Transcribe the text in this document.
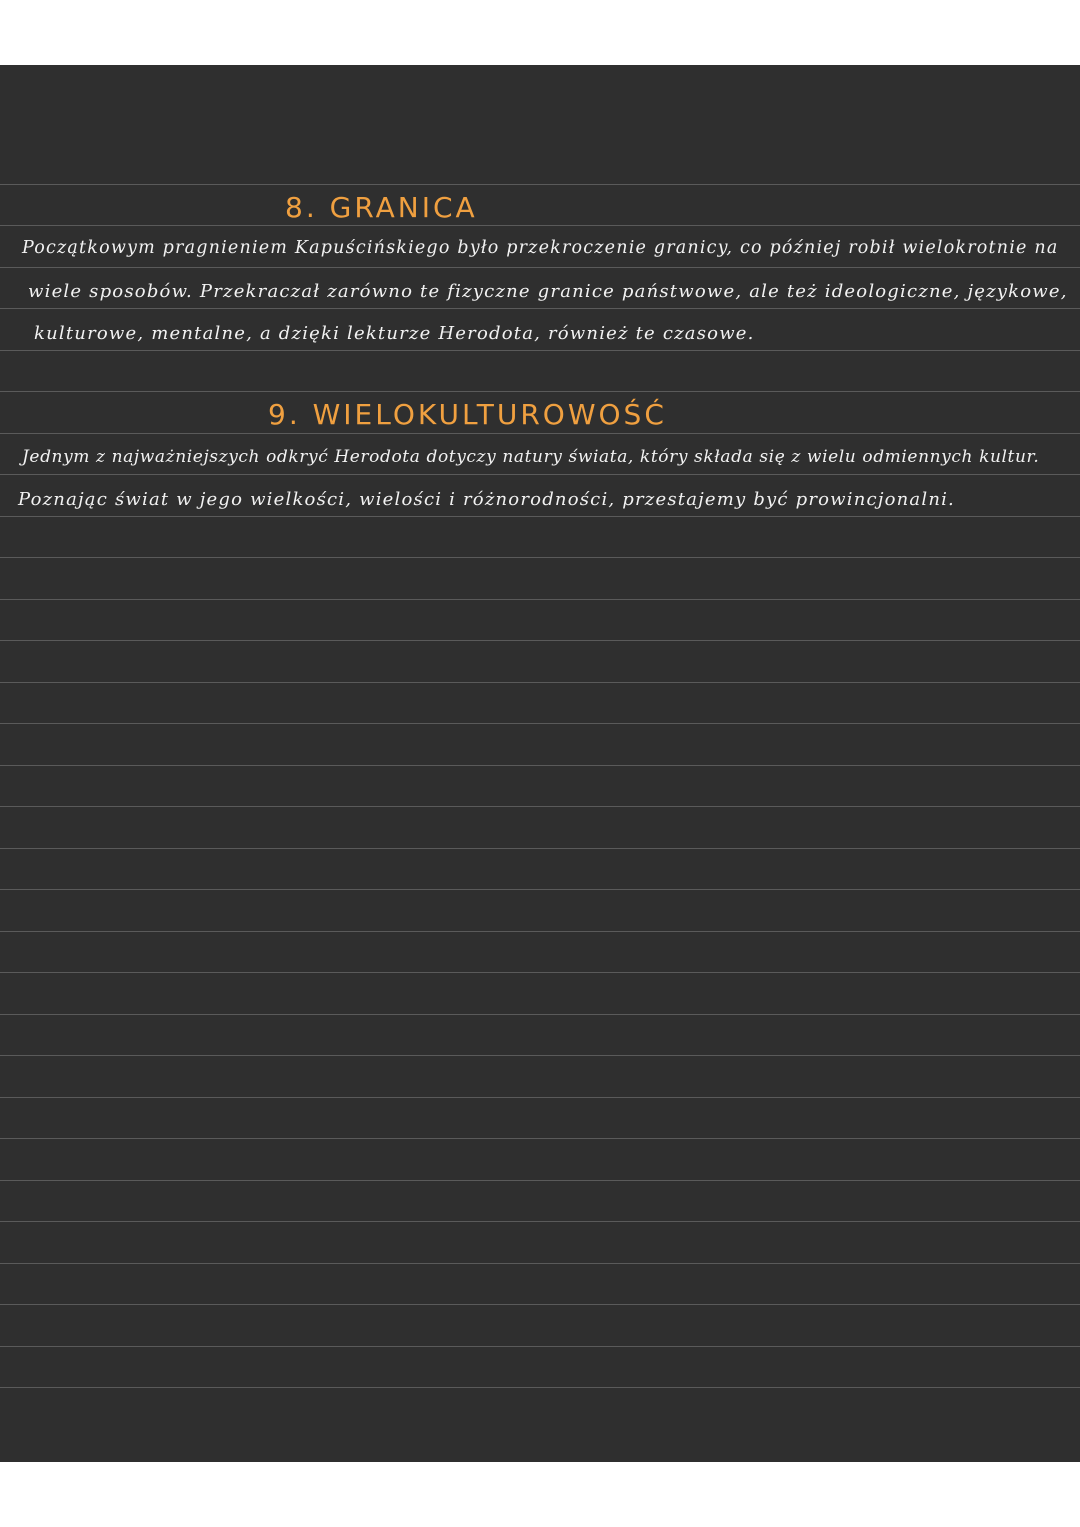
8. GRANICA
Początkowym pragnieniem Kapuścińskiego było przekroczenie granicy, co później robił wielokrotnie na
wiele sposobów. Przekraczał zarówno te fizyczne granice państwowe, ale też ideologiczne, językowe,
kulturowe, mentalne, a dzięki lekturze Herodota, również te czasowe.
9. WIELOKULTUROWOŚĆ
Jednym z najważniejszych odkryć Herodota dotyczy natury świata, który składa się z wielu odmiennych kultur.
Poznając świat w jego wielkości, wielości i różnorodności, przestajemy być prowincjonalni.
